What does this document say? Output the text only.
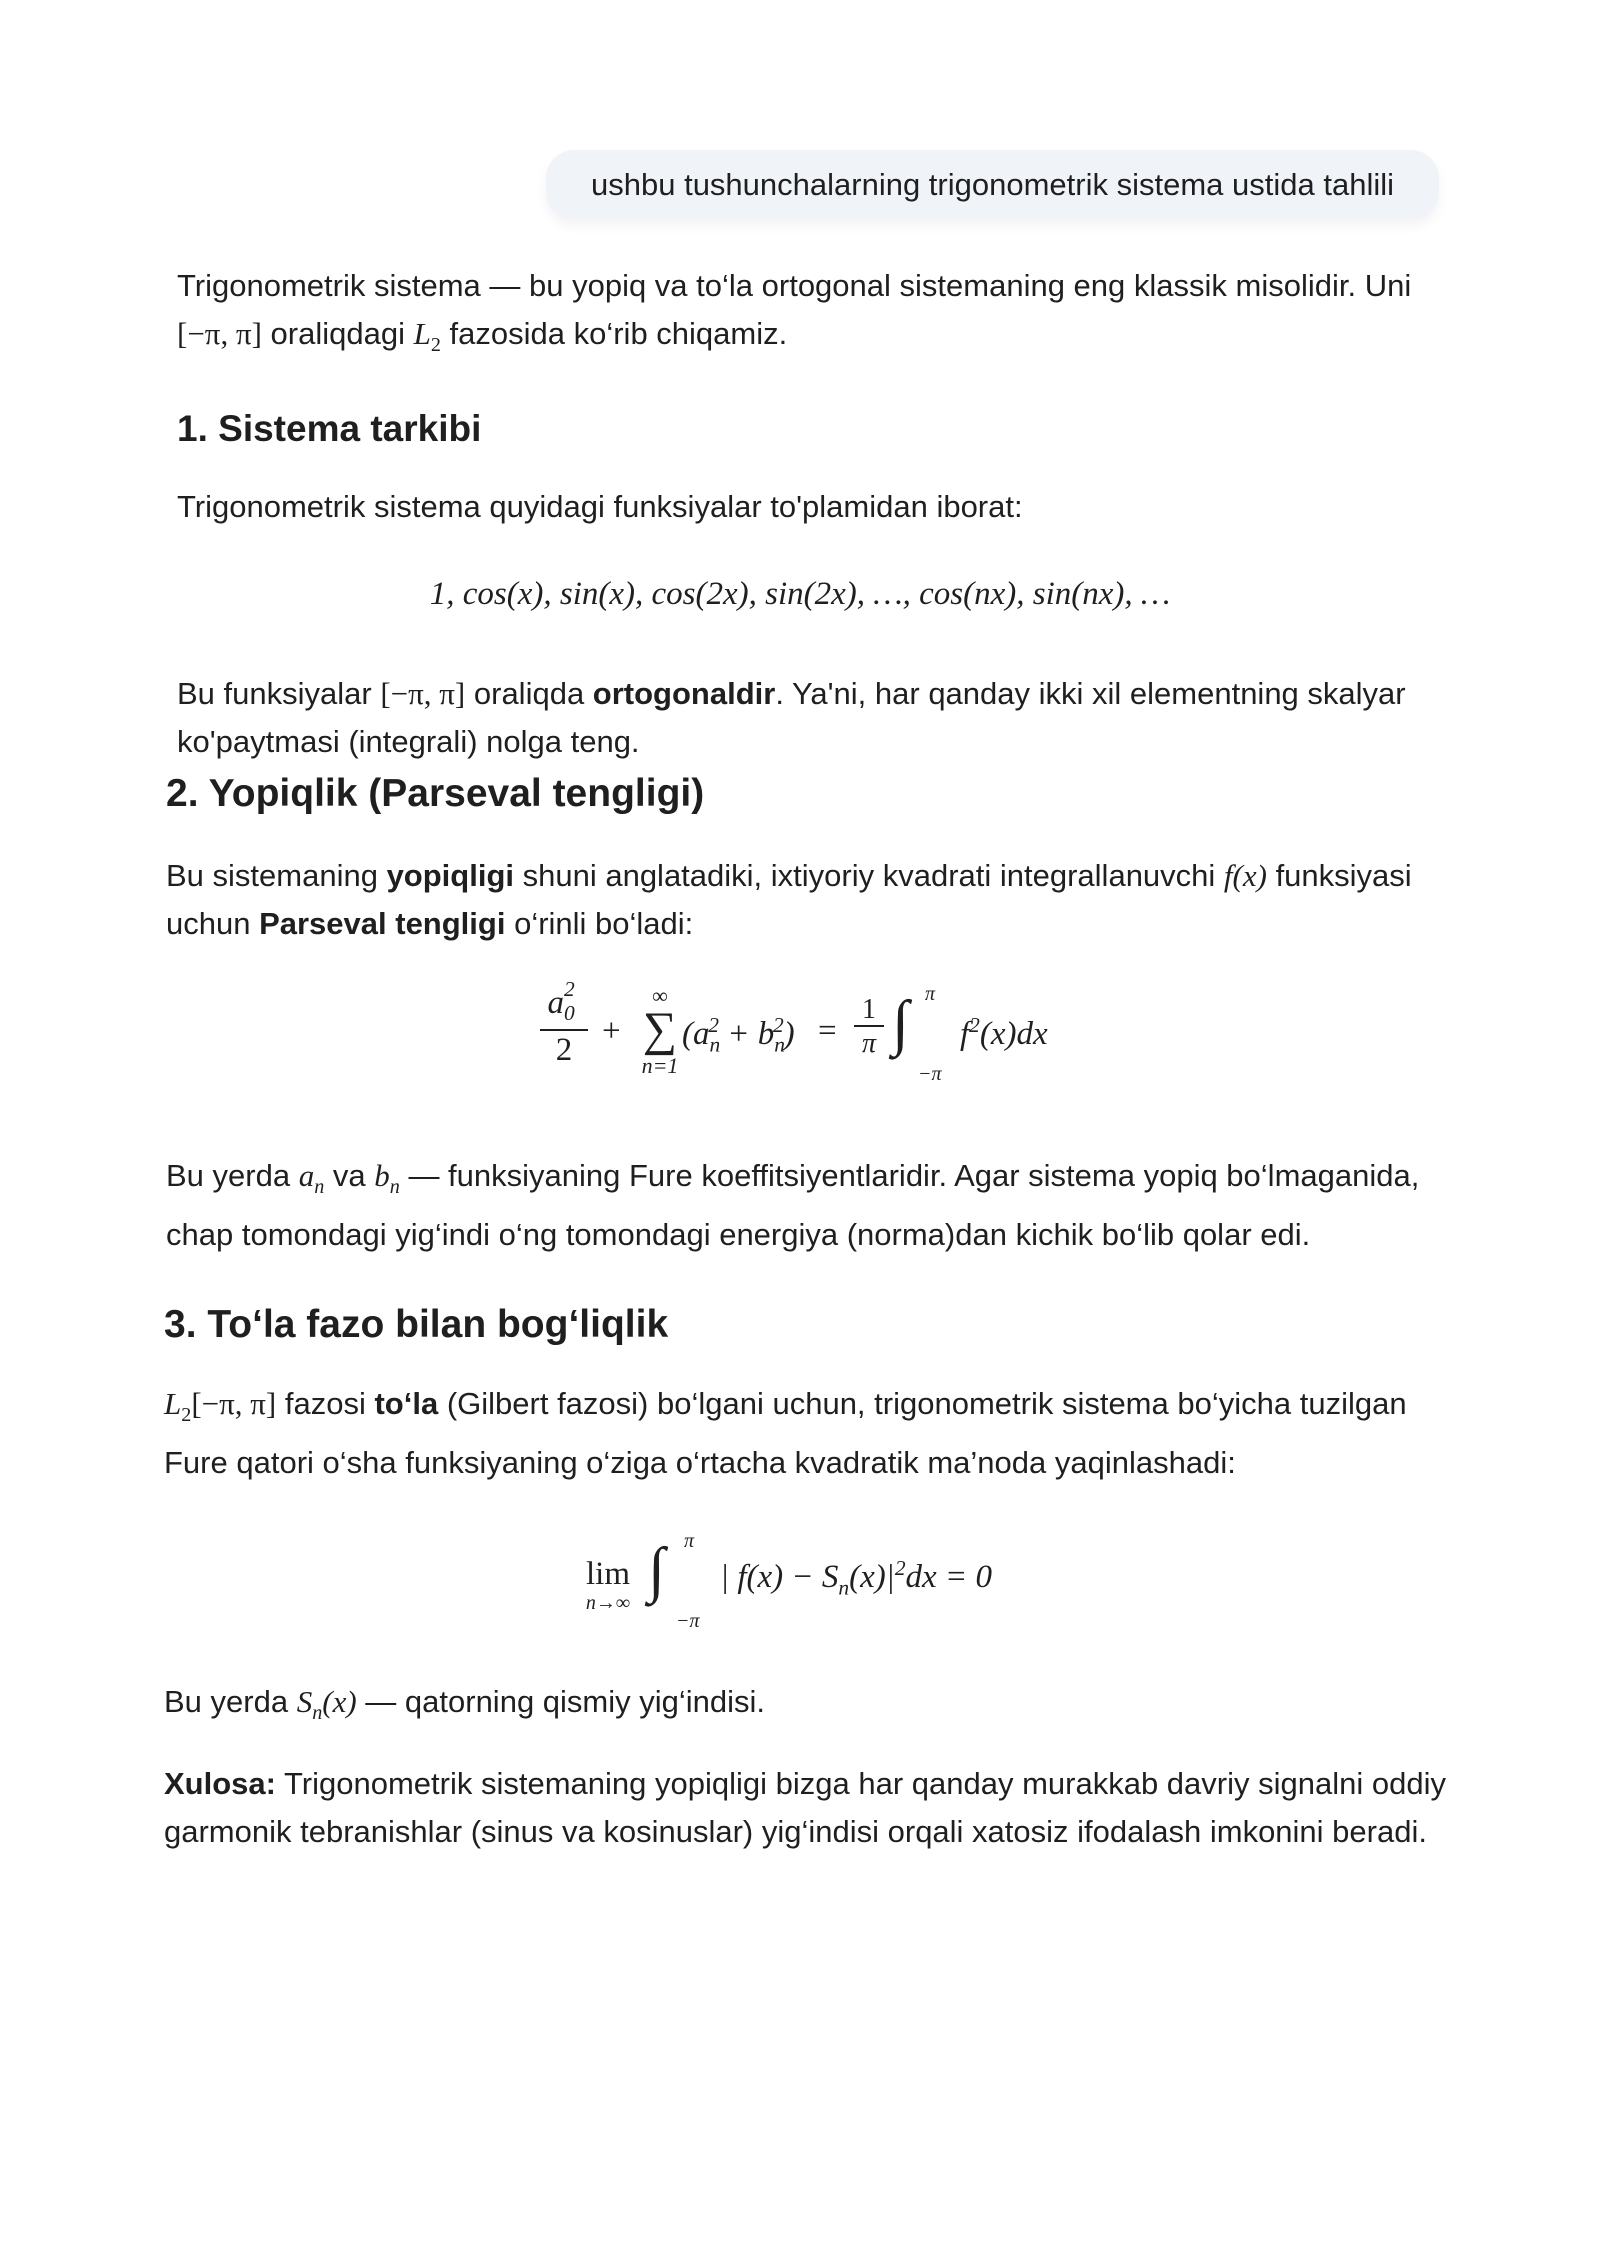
ushbu tushunchalarning trigonometrik sistema ustida tahlili

Trigonometrik sistema — bu yopiq va to‘la ortogonal sistemaning eng klassik misolidir. Uni
[−π, π] oraliqdagi $L_2$ fazosida ko‘rib chiqamiz.

1. Sistema tarkibi

Trigonometrik sistema quyidagi funksiyalar to'plamidan iborat:

1, cos(x), sin(x), cos(2x), sin(2x), …, cos(nx), sin(nx), …

Bu funksiyalar [−π, π] oraliqda ortogonaldir. Ya'ni, har qanday ikki xil elementning skalyar ko'paytmasi (integrali) nolga teng.

2. Yopiqlik (Parseval tengligi)

Bu sistemaning yopiqligi shuni anglatadiki, ixtiyoriy kvadrati integrallanuvchi f(x) funksiyasi uchun Parseval tengligi o‘rinli bo‘ladi:

a 2
0

2
+
∞
∑
n=1
$(a_n^2 + b_n^2)$ =
1
π
π
∫
−π
$f^2(x)dx$

Bu yerda $a_n$ va $b_n$ — funksiyaning Fure koeffitsiyentlaridir. Agar sistema yopiq bo‘lmaganida, chap tomondagi yig‘indi o‘ng tomondagi energiya (norma)dan kichik bo‘lib qolar edi.

3. To‘la fazo bilan bog‘liqlik

$L_2[-\pi$, π] fazosi to‘la (Gilbert fazosi) bo‘lgani uchun, trigonometrik sistema bo‘yicha tuzilgan Fure qatori o‘sha funksiyaning o‘ziga o‘rtacha kvadratik ma’noda yaqinlashadi:

lim
n→∞
π
∫
−π
| $f(x) - S_n(x)|^2dx = 0$

Bu yerda $S_n(x)$ — qatorning qismiy yig‘indisi.

Xulosa: Trigonometrik sistemaning yopiqligi bizga har qanday murakkab davriy signalni oddiy garmonik tebranishlar (sinus va kosinuslar) yig‘indisi orqali xatosiz ifodalash imkonini beradi.
